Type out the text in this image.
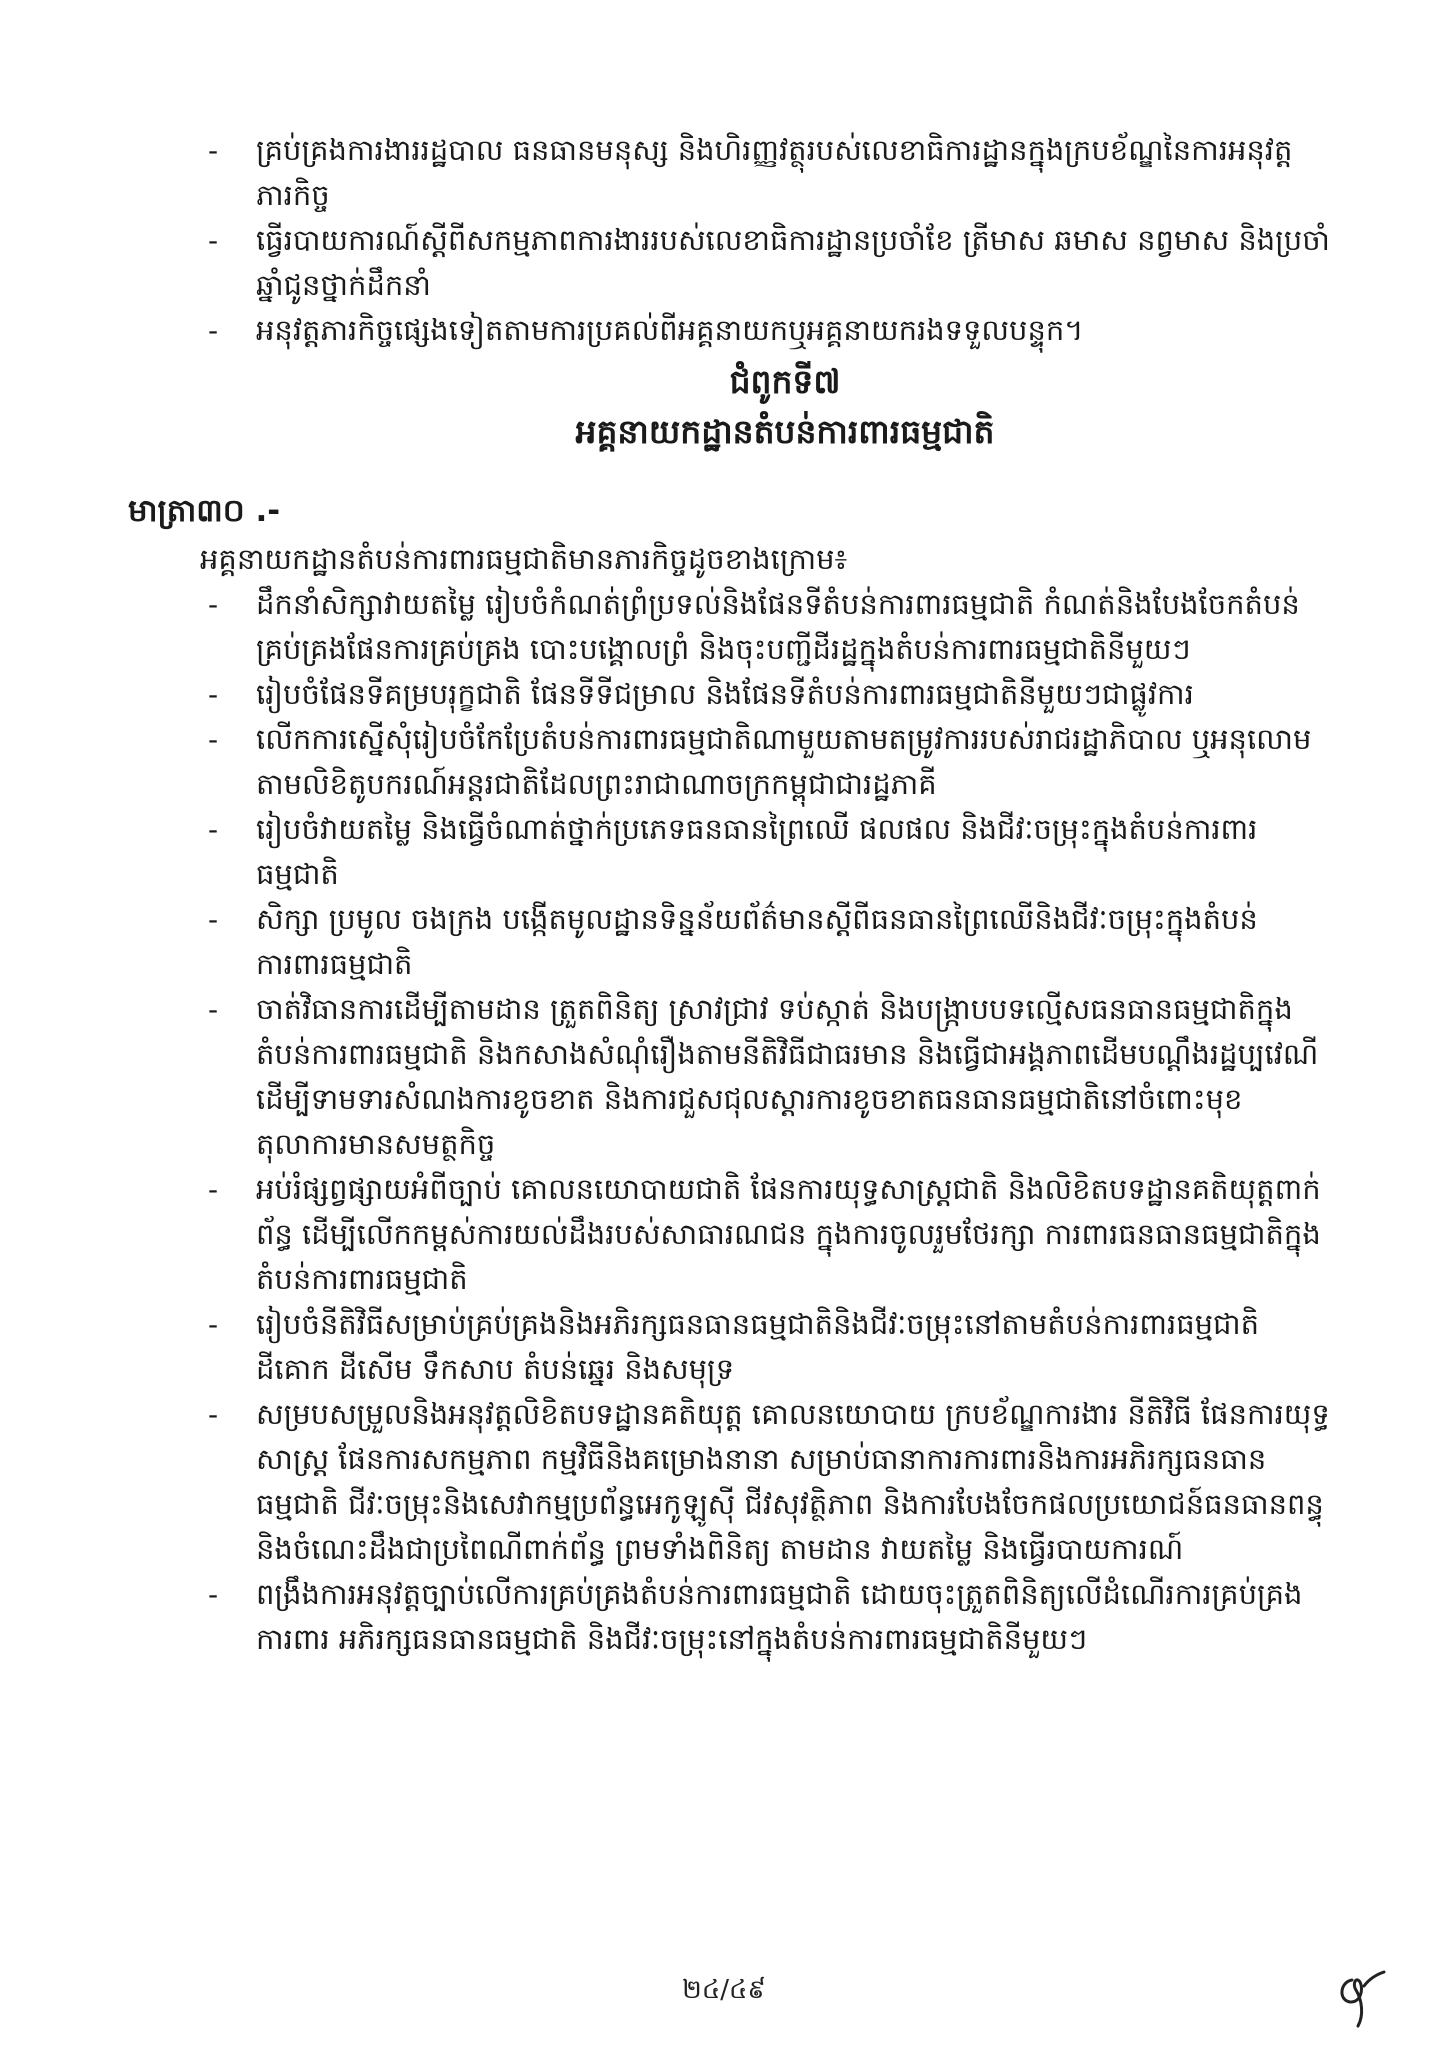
- គ្រប់គ្រងការងាររដ្ឋបាល ធនធានមនុស្ស និងហិរញ្ញវត្ថុរបស់លេខាធិការដ្ឋានក្នុងក្របខ័ណ្ឌនៃការអនុវត្តភារកិច្ច
- ធ្វើរបាយការណ៍ស្តីពីសកម្មភាពការងាររបស់លេខាធិការដ្ឋានប្រចាំខែ ត្រីមាស ឆមាស នព្វមាស និងប្រចាំឆ្នាំជូនថ្នាក់ដឹកនាំ
- អនុវត្តភារកិច្ចផ្សេងទៀតតាមការប្រគល់ពីអគ្គនាយកឬអគ្គនាយករងទទួលបន្ទុក។

ជំពូកទី៧

អគ្គនាយកដ្ឋានតំបន់ការពារធម្មជាតិ

មាត្រា៣០ .-

អគ្គនាយកដ្ឋានតំបន់ការពារធម្មជាតិមានភារកិច្ចដូចខាងក្រោម៖

- ដឹកនាំសិក្សាវាយតម្លៃ រៀបចំកំណត់ព្រំប្រទល់និងផែនទីតំបន់ការពារធម្មជាតិ កំណត់និងបែងចែកតំបន់គ្រប់គ្រងផែនការគ្រប់គ្រង បោះបង្គោលព្រំ និងចុះបញ្ជីដីរដ្ឋក្នុងតំបន់ការពារធម្មជាតិនីមួយៗ
- រៀបចំផែនទីគម្របរុក្ខជាតិ ផែនទីទីជម្រាល និងផែនទីតំបន់ការពារធម្មជាតិនីមួយៗជាផ្លូវការ
- លើកការស្នើសុំរៀបចំកែប្រែតំបន់ការពារធម្មជាតិណាមួយតាមតម្រូវការរបស់រាជរដ្ឋាភិបាល ឬអនុលោមតាមលិខិតូបករណ៍អន្តរជាតិដែលព្រះរាជាណាចក្រកម្ពុជាជារដ្ឋភាគី
- រៀបចំវាយតម្លៃ និងធ្វើចំណាត់ថ្នាក់ប្រភេទធនធានព្រៃឈើ ផលផល និងជីវៈចម្រុះក្នុងតំបន់ការពារធម្មជាតិ
- សិក្សា ប្រមូល ចងក្រង បង្កើតមូលដ្ឋានទិន្នន័យព័ត៌មានស្តីពីធនធានព្រៃឈើនិងជីវៈចម្រុះក្នុងតំបន់ការពារធម្មជាតិ
- ចាត់វិធានការដើម្បីតាមដាន ត្រួតពិនិត្យ ស្រាវជ្រាវ ទប់ស្កាត់ និងបង្ក្រាបបទល្មើសធនធានធម្មជាតិក្នុងតំបន់ការពារធម្មជាតិ និងកសាងសំណុំរឿងតាមនីតិវិធីជាធរមាន និងធ្វើជាអង្គភាពដើមបណ្តឹងរដ្ឋប្បវេណី ដើម្បីទាមទារសំណងការខូចខាត និងការជួសជុលស្តារការខូចខាតធនធានធម្មជាតិនៅចំពោះមុខតុលាការមានសមត្ថកិច្ច
- អប់រំផ្សព្វផ្សាយអំពីច្បាប់ គោលនយោបាយជាតិ ផែនការយុទ្ធសាស្រ្តជាតិ និងលិខិតបទដ្ឋានគតិយុត្តពាក់ព័ន្ធ ដើម្បីលើកកម្ពស់ការយល់ដឹងរបស់សាធារណជន ក្នុងការចូលរួមថែរក្សា ការពារធនធានធម្មជាតិក្នុងតំបន់ការពារធម្មជាតិ
- រៀបចំនីតិវិធីសម្រាប់គ្រប់គ្រងនិងអភិរក្សធនធានធម្មជាតិនិងជីវៈចម្រុះនៅតាមតំបន់ការពារធម្មជាតិ ដីគោក ដីសើម ទឹកសាប តំបន់ឆ្នេរ និងសមុទ្រ
- សម្របសម្រួលនិងអនុវត្តលិខិតបទដ្ឋានគតិយុត្ត គោលនយោបាយ ក្របខ័ណ្ឌការងារ នីតិវិធី ផែនការយុទ្ធសាស្រ្ត ផែនការសកម្មភាព កម្មវិធីនិងគម្រោងនានា សម្រាប់ធានាការការពារនិងការអភិរក្សធនធានធម្មជាតិ ជីវៈចម្រុះនិងសេវាកម្មប្រព័ន្ធអេកូឡូស៊ី ជីវសុវត្ថិភាព និងការបែងចែកផលប្រយោជន៍ធនធានពន្ធុនិងចំណេះដឹងជាប្រពៃណីពាក់ព័ន្ធ ព្រមទាំងពិនិត្យ តាមដាន វាយតម្លៃ និងធ្វើរបាយការណ៍
- ពង្រឹងការអនុវត្តច្បាប់លើការគ្រប់គ្រងតំបន់ការពារធម្មជាតិ ដោយចុះត្រួតពិនិត្យលើដំណើរការគ្រប់គ្រង ការពារ អភិរក្សធនធានធម្មជាតិ និងជីវៈចម្រុះនៅក្នុងតំបន់ការពារធម្មជាតិនីមួយៗ
២៤/៤៩
